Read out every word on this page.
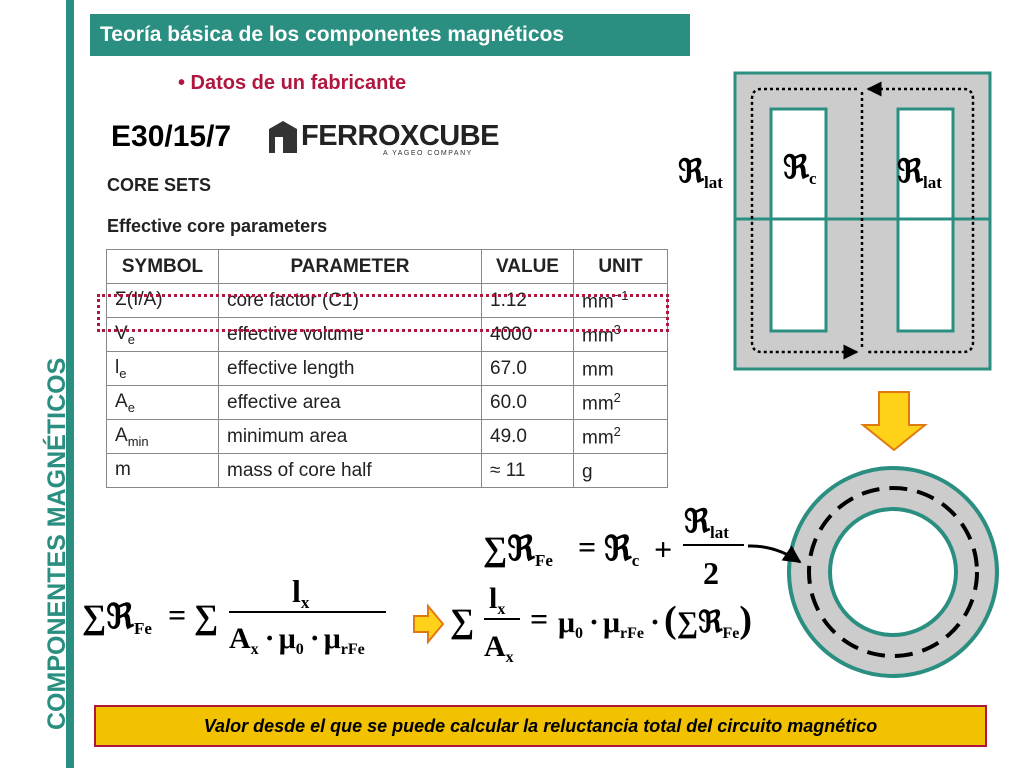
COMPONENTES MAGNÉTICOS
Teoría básica de los componentes magnéticos
• Datos de un fabricante
E30/15/7 FERROXCUBE
A YAGEO COMPANY
CORE SETS
Effective core parameters
SYMBOL	PARAMETER	VALUE	UNIT
Σ(I/A)	core factor (C1)	1.12	$mm^{-1}$
$V_e$	effective volume	4000	$mm^3$
$l_e$	effective length	67.0	mm
$A_e$	effective area	60.0	$mm^2$
$A_{min}$	minimum area	49.0	$mm^2$
m	mass of core half	≈ 11	g
ℜlat ℜc	ℜlat
∑ℜFe = ℜc +
ℜlat
2
∑ℜFe = ∑
lx
$A_x \cdot \mu_0 \cdot \mu_{rFe}$
∑
$l_x$
$A_x$
= $\mu_0 \cdot \mu_{rFe}$ · (∑ℜ$_{Fe}$)
Valor desde el que se puede calcular la reluctancia total del circuito magnético
